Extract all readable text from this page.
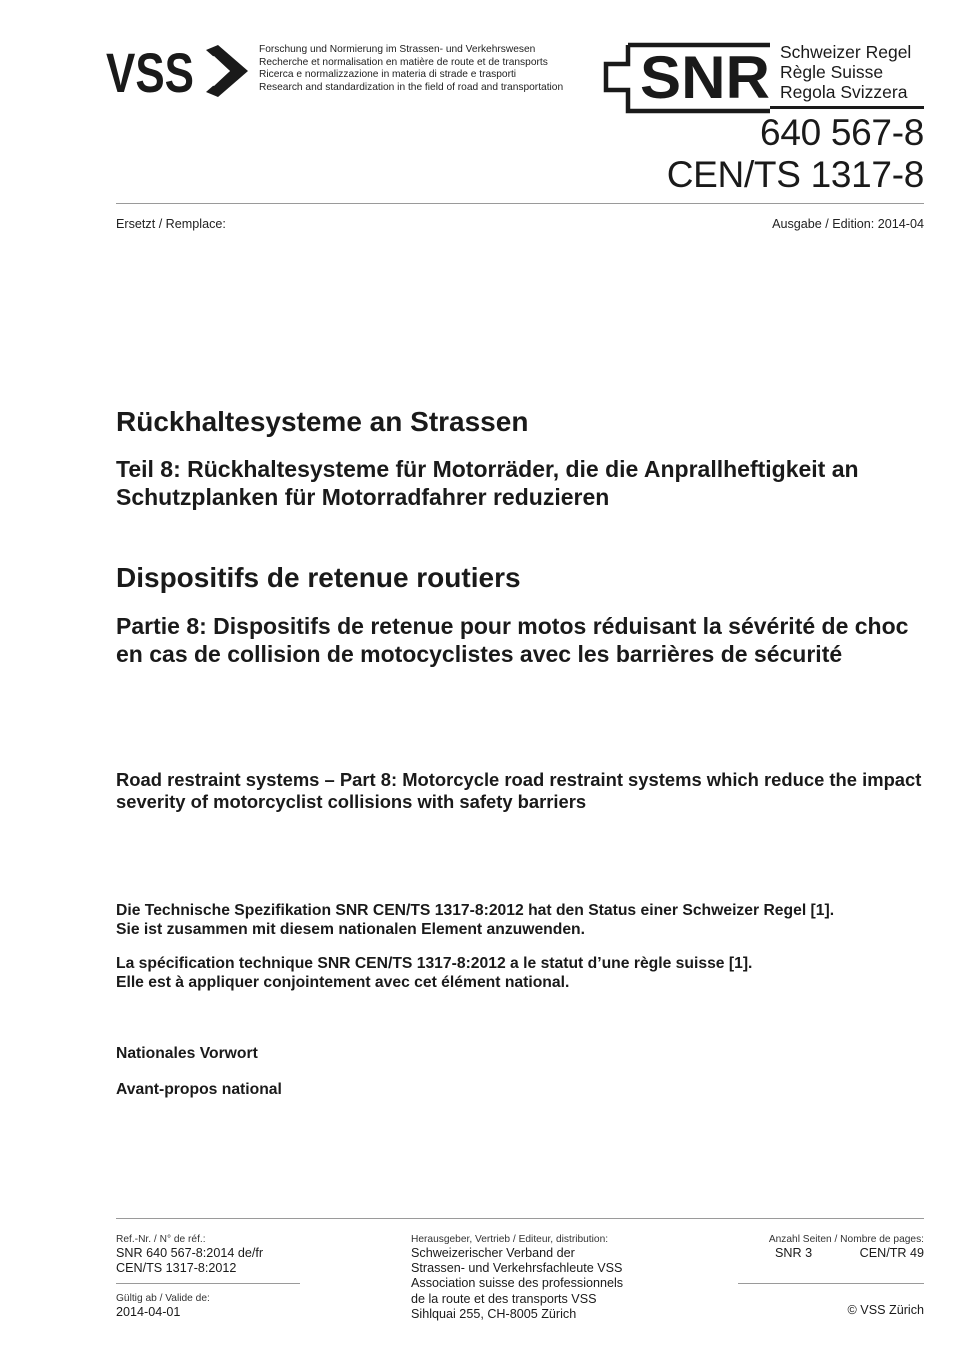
VSS	Forschung und Normierung im Strassen- und Verkehrswesen
Recherche et normalisation en matière de route et de transports
Ricerca e normalizzazione in materia di strade e trasporti
Research and standardization in the field of road and transportation SNR Schweizer Regel
Règle Suisse
Regola Svizzera
640 567-8
CEN/TS 1317-8
Ersetzt / Remplace:	Ausgabe / Edition: 2014-04
Rückhaltesysteme an Strassen
Teil 8: Rückhaltesysteme für Motorräder, die die Anprallheftigkeit an Schutzplanken für Motorradfahrer reduzieren
Dispositifs de retenue routiers
Partie 8: Dispositifs de retenue pour motos réduisant la sévérité de choc en cas de collision de motocyclistes avec les barrières de sécurité
Road restraint systems – Part 8: Motorcycle road restraint systems which reduce the impact severity of motorcyclist collisions with safety barriers
Die Technische Spezifikation SNR CEN/TS 1317-8:2012 hat den Status einer Schweizer Regel [1].
Sie ist zusammen mit diesem nationalen Element anzuwenden.
La spécification technique SNR CEN/TS 1317-8:2012 a le statut d’une règle suisse [1].
Elle est à appliquer conjointement avec cet élément national.
Nationales Vorwort
Avant-propos national
Ref.-Nr. / N° de réf.:
SNR 640 567-8:2014 de/fr
CEN/TS 1317-8:2012
Gültig ab / Valide de:
2014-04-01
Herausgeber, Vertrieb / Editeur, distribution:
Schweizerischer Verband der
Strassen- und Verkehrsfachleute VSS
Association suisse des professionnels
de la route et des transports VSS
Sihlquai 255, CH-8005 Zürich
Anzahl Seiten / Nombre de pages:
SNR 3	CEN/TR 49
© VSS Zürich
